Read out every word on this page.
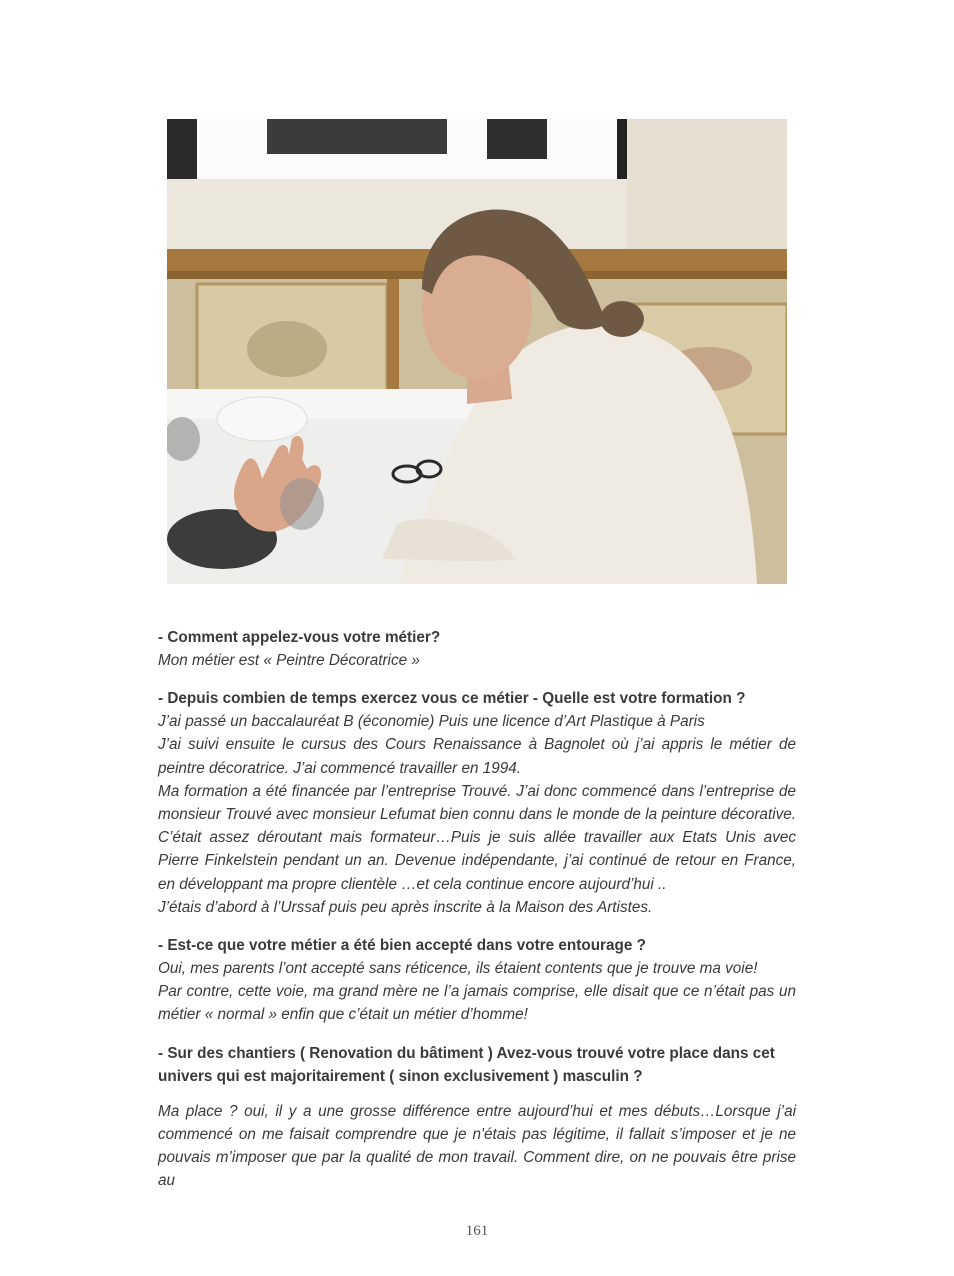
- Comment appelez-vous votre métier?

Mon métier est « Peintre Décoratrice »

- Depuis combien de temps exercez vous ce métier - Quelle est votre formation ?

J’ai passé un baccalauréat B (économie) Puis une licence d’Art Plastique à Paris

J’ai suivi ensuite le cursus des Cours Renaissance à Bagnolet où j’ai appris le métier de peintre décoratrice. J’ai commencé travailler en 1994.

Ma formation a été financée par l’entreprise Trouvé. J’ai donc commencé dans l’entreprise de monsieur Trouvé avec monsieur Lefumat bien connu dans le monde de la peinture décorative. C’était assez déroutant mais formateur…Puis je suis allée travailler aux Etats Unis avec Pierre Finkelstein pendant un an. Devenue indépendante, j’ai continué de retour en France, en développant ma propre clientèle …et cela continue encore aujourd’hui ..

J’étais d’abord à l’Urssaf puis peu après inscrite à la Maison des Artistes.

- Est-ce que votre métier a été bien accepté dans votre entourage ?

Oui, mes parents l’ont accepté sans réticence, ils étaient contents que je trouve ma voie!

Par contre, cette voie, ma grand mère ne l’a jamais comprise, elle disait que ce n’était pas un métier « normal » enfin que c’était un métier d’homme!

- Sur des chantiers ( Renovation du bâtiment ) Avez-vous trouvé votre place dans cet univers qui est majoritairement ( sinon exclusivement ) masculin ?

Ma place ? oui, il y a une grosse différence entre aujourd’hui et mes débuts…Lorsque j’ai commencé on me faisait comprendre que je n'étais pas légitime, il fallait s’imposer et je ne pouvais m’imposer que par la qualité de mon travail. Comment dire, on ne pouvais être prise au

161
